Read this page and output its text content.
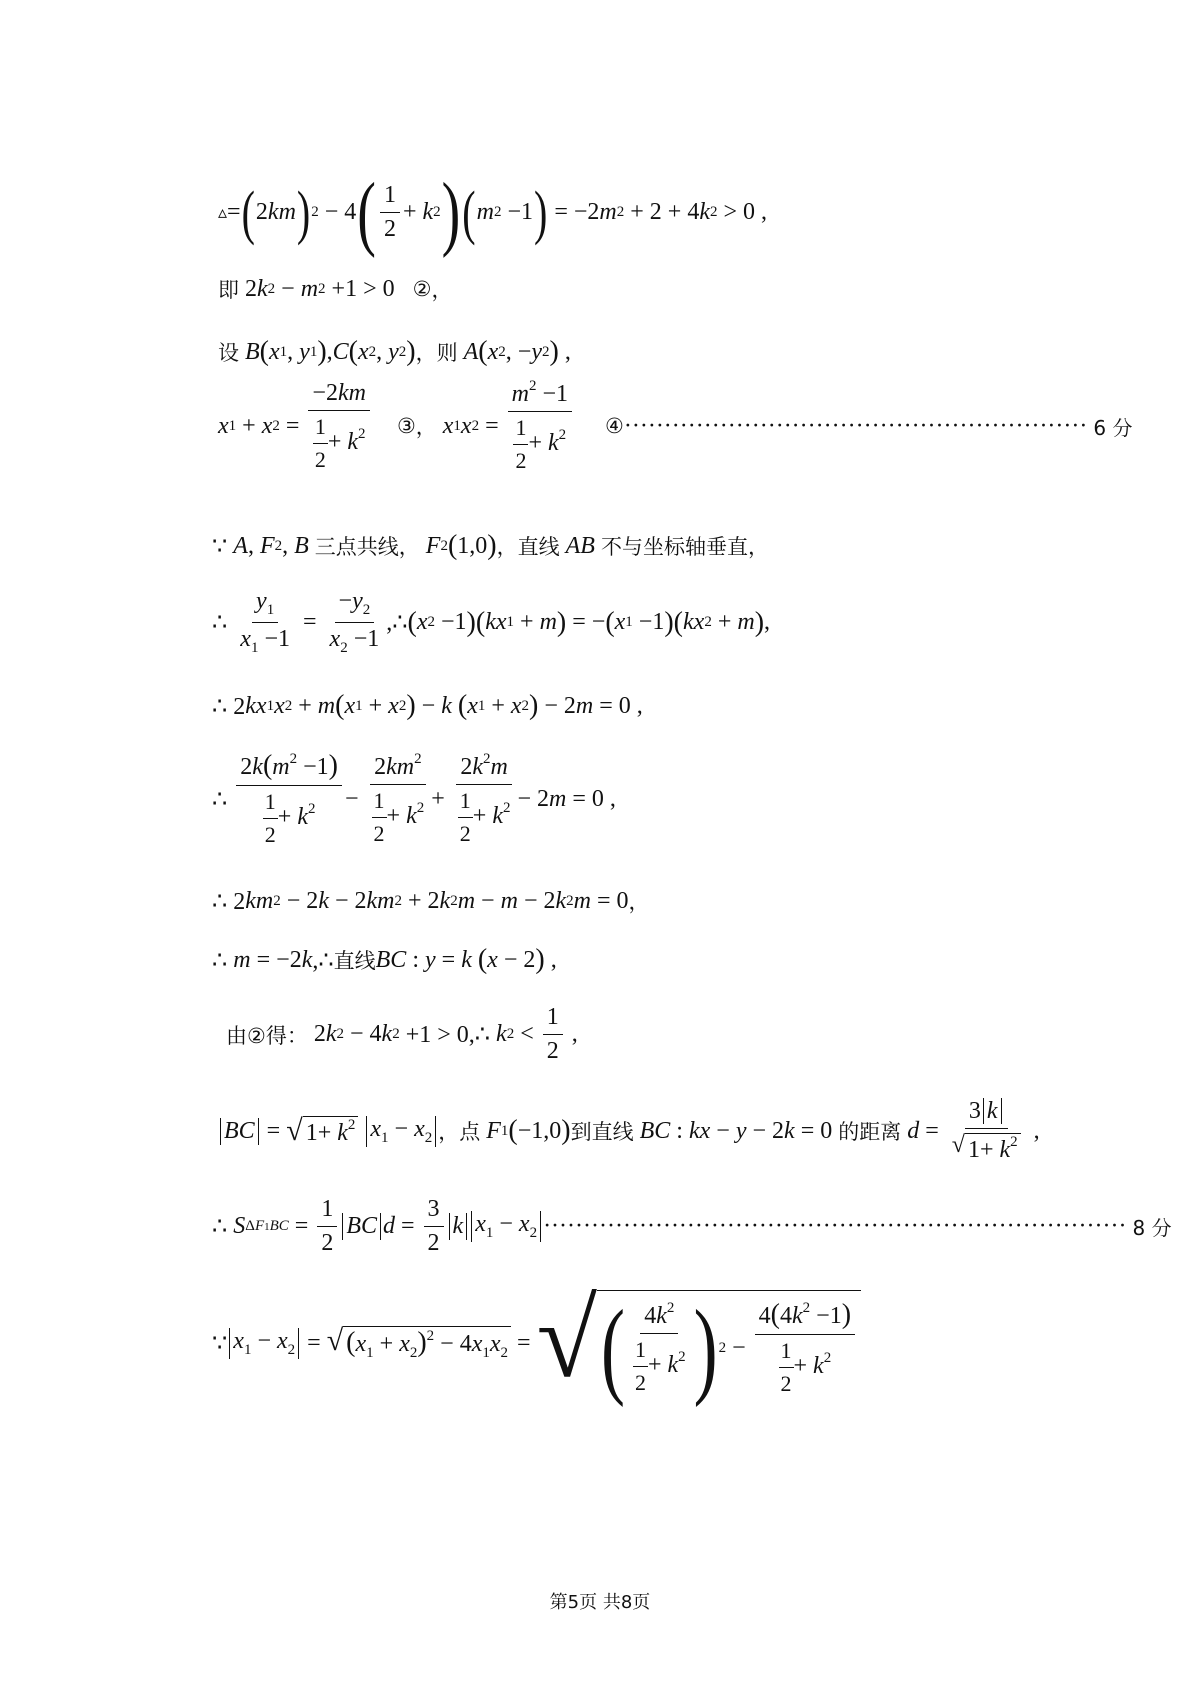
▵ = ( 2 km ) 2 − 4 ( $\frac{1}{2} + k$ 2 ) ( m 2 −1 ) = −2 m 2 + 2 + 4 k 2 > 0 ,
即 2 k 2 − m 2 +1 > 0 ② ，
设
B ( x 1 , y 1 ) , C ( x 2 , y 2 ) ，则
A ( x 2 , − y 2 ) ,
x 1 + x $2 = \frac{-2km}{\frac{1}{2} + k^2}$
③ ，
x 1 x $2 = \frac{m^2 -1}{\frac{1}{2} + k^2}$
④ ·························································· 6 分
∵ A , F 2 , B
三点共线，
F 2 ( 1,0 ) ，直线
AB
不与坐标轴垂直，
∴ $\frac{y_1}{x_1 -1} = \frac{-y_2}{x_2 -1}$ ,∴ ( x 2 −1 ) ( kx 1 + m ) = − ( x 1 −1 ) ( kx 2 + m ) ,
∴ 2 kx 1 x 2 + m ( x 1 + x 2 ) − k
( x 1 + x 2 ) − 2 m = 0 ,
∴ $\frac{2k(m^2 -1)}{\frac{1}{2} + k^2} - \frac{2km^2}{\frac{1}{2} + k^2} + \frac{2k^2m}{\frac{1}{2} + k^2} - 2$ m = 0 ,
∴ 2 km 2 − 2 k − 2 km 2 + 2 k 2 m − m − 2 k 2 m = 0 ，
∴ m = −2 k ,∴ 直线 BC : y = k
( x − 2 ) ,
由②得： 2 k 2 − 4 k 2 +1 > 0,∴ k $2 < \frac{1}{2}$ ,
BC = √ $1+ k^2$
$x_1 - x_2$ ，点
F 1 ( −1,0 ) 到直线
BC : kx − y − 2 k = 0 的距离
$d = \frac{3 k}{√ 1+ k^2}$ ,
∴ S $\Delta F1BC = \frac{1}{2}$ BC $d = \frac{3}{2}$ k $x_1 - x_2$ ········································································· 8 分
∵ $x_1 - x_2$ = √ $(x_1 + x_2)^2 - 4x_1x_2$ = √ ( $\frac{4k^2}{\frac{1}{2} + k^2}$ ) $2 - \frac{4(4k^2 -1)}{\frac{1}{2} + k^2}$
第5页 共8页
